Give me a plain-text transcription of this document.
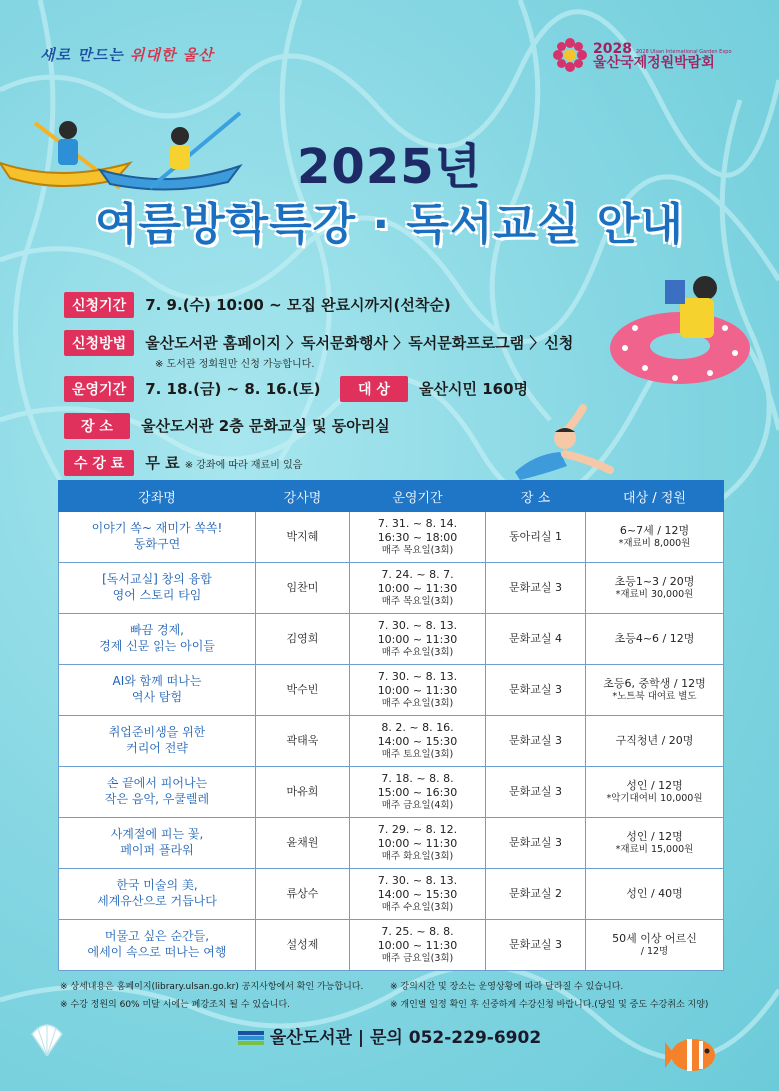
새로 만드는 위대한 울산	2028 2028 Ulsan International Garden Expo
울산국제정원박람회
2025년
여름방학특강 · 독서교실 안내
신청기간 7. 9.(수) 10:00 ~ 모집 완료시까지(선착순)
신청방법 울산도서관 홈페이지 〉독서문화행사 〉독서문화프로그램 〉신청
※ 도서관 정회원만 신청 가능합니다.
운영기간 7. 18.(금) ~ 8. 16.(토)	대 상 울산시민 160명
장 소 울산도서관 2층 문화교실 및 동아리실
수 강 료 무 료 ※ 강좌에 따라 재료비 있음
강좌명	강사명	운영기간	장 소	대상 / 정원

이야기 쏙~ 재미가 쏙쏙!
동화구연	박지혜	7. 31. ~ 8. 14.
16:30 ~ 18:00
매주 목요일(3회)	동아리실 1	6~7세 / 12명
*재료비 8,000원

[독서교실] 창의 융합
영어 스토리 타임	임찬미	7. 24. ~ 8. 7.
10:00 ~ 11:30
매주 목요일(3회)	문화교실 3	초등1~3 / 20명
*재료비 30,000원

빠끔 경제,
경제 신문 읽는 아이들	김영희	7. 30. ~ 8. 13.
10:00 ~ 11:30
매주 수요일(3회)	문화교실 4	초등4~6 / 12명

AI와 함께 떠나는
역사 탐험	박수빈	7. 30. ~ 8. 13.
10:00 ~ 11:30
매주 수요일(3회)	문화교실 3	초등6, 중학생 / 12명
*노트북 대여료 별도

취업준비생을 위한
커리어 전략	곽태욱	8. 2. ~ 8. 16.
14:00 ~ 15:30
매주 토요일(3회)	문화교실 3	구직청년 / 20명

손 끝에서 피어나는
작은 음악, 우쿨렐레	마유희	7. 18. ~ 8. 8.
15:00 ~ 16:30
매주 금요일(4회)	문화교실 3	성인 / 12명
*악기대여비 10,000원

사계절에 피는 꽃,
페이퍼 플라워	윤채원	7. 29. ~ 8. 12.
10:00 ~ 11:30
매주 화요일(3회)	문화교실 3	성인 / 12명
*재료비 15,000원

한국 미술의 美,
세계유산으로 거듭나다	류상수	7. 30. ~ 8. 13.
14:00 ~ 15:30
매주 수요일(3회)	문화교실 2	성인 / 40명

머물고 싶은 순간들,
에세이 속으로 떠나는 여행	설성제	7. 25. ~ 8. 8.
10:00 ~ 11:30
매주 금요일(3회)	문화교실 3	50세 이상 어르신
/ 12명
※ 상세내용은 홈페이지(library.ulsan.go.kr) 공지사항에서 확인 가능합니다.	※ 강의시간 및 장소는 운영상황에 따라 달라질 수 있습니다.
※ 수강 정원의 60% 미달 시에는 폐강조치 될 수 있습니다.	※ 개인별 일정 확인 후 신중하게 수강신청 바랍니다.(당일 및 중도 수강취소 지양)
울산도서관 | 문의 052-229-6902
